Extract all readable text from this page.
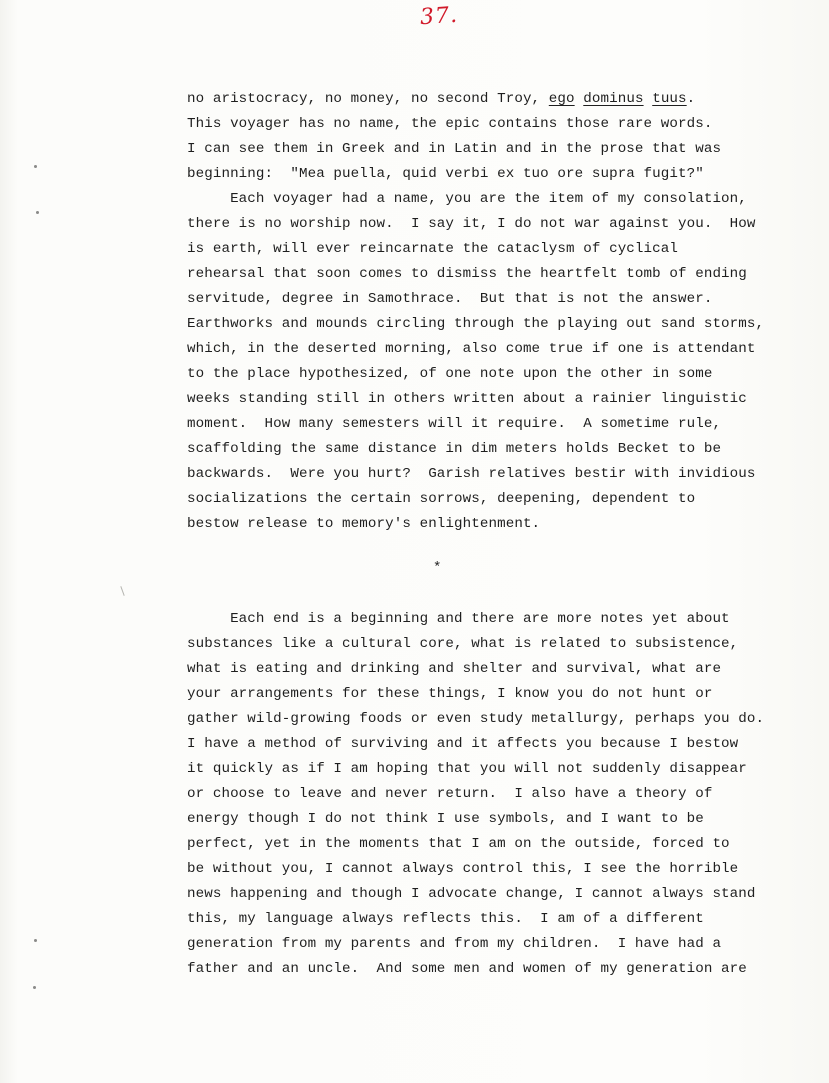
37.
no aristocracy, no money, no second Troy, ego dominus tuus.
This voyager has no name, the epic contains those rare words.
I can see them in Greek and in Latin and in the prose that was
beginning:  "Mea puella, quid verbi ex tuo ore supra fugit?"
Each voyager had a name, you are the item of my consolation,
there is no worship now.  I say it, I do not war against you.  How
is earth, will ever reincarnate the cataclysm of cyclical
rehearsal that soon comes to dismiss the heartfelt tomb of ending
servitude, degree in Samothrace.  But that is not the answer.
Earthworks and mounds circling through the playing out sand storms,
which, in the deserted morning, also come true if one is attendant
to the place hypothesized, of one note upon the other in some
weeks standing still in others written about a rainier linguistic
moment.  How many semesters will it require.  A sometime rule,
scaffolding the same distance in dim meters holds Becket to be
backwards.  Were you hurt?  Garish relatives bestir with invidious
socializations the certain sorrows, deepening, dependent to
bestow release to memory's enlightenment.
*
Each end is a beginning and there are more notes yet about
substances like a cultural core, what is related to subsistence,
what is eating and drinking and shelter and survival, what are
your arrangements for these things, I know you do not hunt or
gather wild-growing foods or even study metallurgy, perhaps you do.
I have a method of surviving and it affects you because I bestow
it quickly as if I am hoping that you will not suddenly disappear
or choose to leave and never return.  I also have a theory of
energy though I do not think I use symbols, and I want to be
perfect, yet in the moments that I am on the outside, forced to
be without you, I cannot always control this, I see the horrible
news happening and though I advocate change, I cannot always stand
this, my language always reflects this.  I am of a different
generation from my parents and from my children.  I have had a
father and an uncle.  And some men and women of my generation are
